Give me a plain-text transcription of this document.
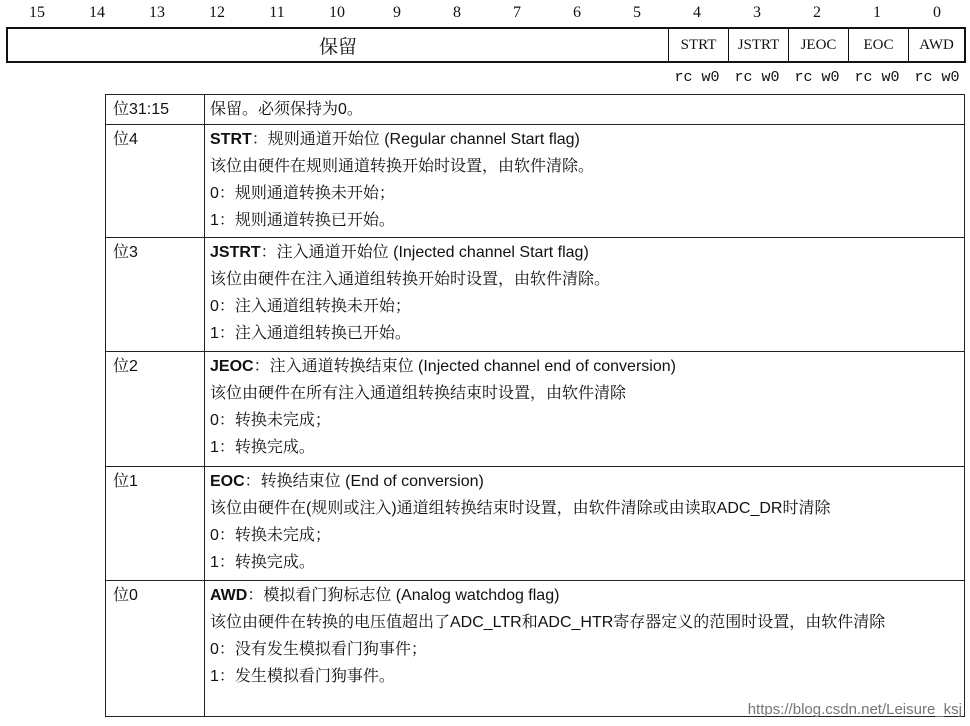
15	14	13	12	11	10	9	8	7	6	5	4	3	2	1	0
保留	STRT	JSTRT	JEOC	EOC	AWD
rc w0 rc w0 rc w0 rc w0 rc w0
位31:15	保留。必须保持为0。

位4	STRT：规则通道开始位 (Regular channel Start flag)
该位由硬件在规则通道转换开始时设置，由软件清除。
0：规则通道转换未开始；
1：规则通道转换已开始。

位3	JSTRT：注入通道开始位 (Injected channel Start flag)
该位由硬件在注入通道组转换开始时设置，由软件清除。
0：注入通道组转换未开始；
1：注入通道组转换已开始。

位2	JEOC：注入通道转换结束位 (Injected channel end of conversion)
该位由硬件在所有注入通道组转换结束时设置，由软件清除
0：转换未完成；
1：转换完成。

位1	EOC：转换结束位 (End of conversion)
该位由硬件在(规则或注入)通道组转换结束时设置，由软件清除或由读取ADC_DR时清除
0：转换未完成；
1：转换完成。

位0	AWD：模拟看门狗标志位 (Analog watchdog flag)
该位由硬件在转换的电压值超出了ADC_LTR和ADC_HTR寄存器定义的范围时设置，由软件清除
0：没有发生模拟看门狗事件；
1：发生模拟看门狗事件。
https://blog.csdn.net/Leisure_ksj
